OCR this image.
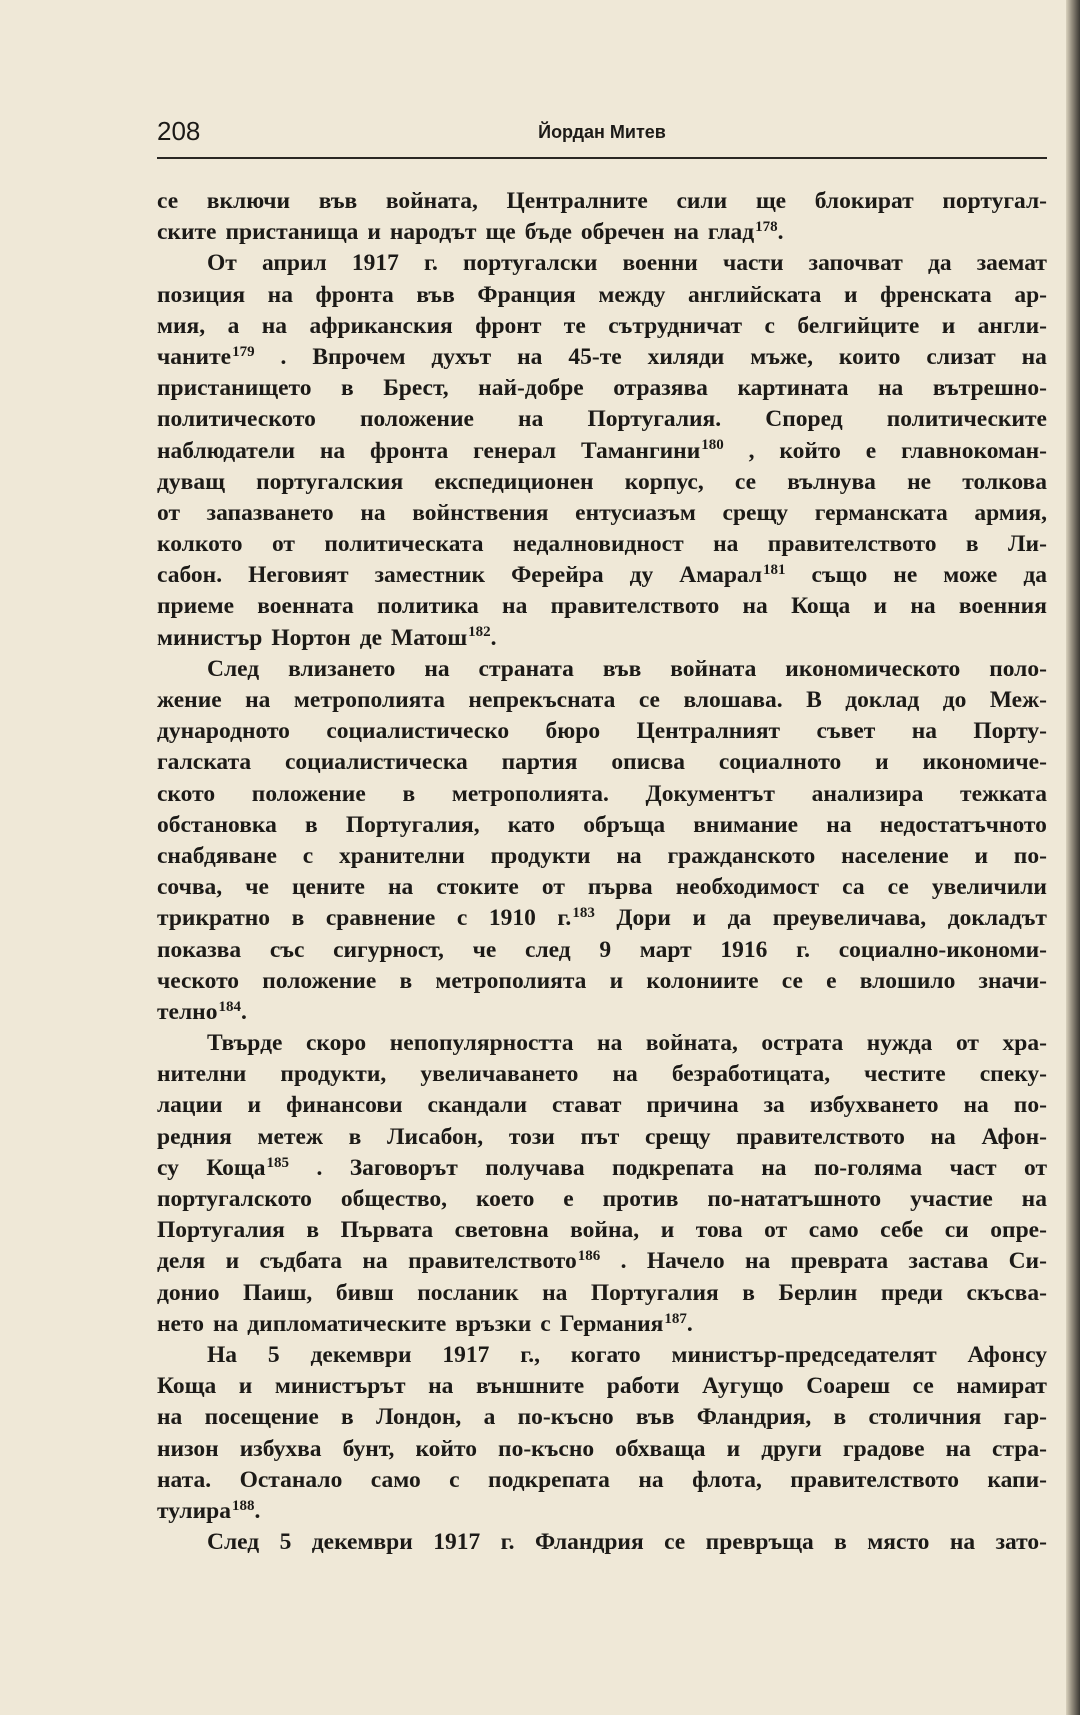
208	Йордан Митев
се включи във войната, Централните сили ще блокират португал-
ските пристанища и народът ще бъде обречен на глад$^{178}$.
От април 1917 г. португалски военни части започват да заемат
позиция на фронта във Франция между английската и френската ар-
мия, а на африканския фронт те сътрудничат с белгийците и англи-
чаните$^{179}$ . Впрочем духът на 45-те хиляди мъже, които слизат на
пристанището в Брест, най-добре отразява картината на вътрешно-
политическото положение на Португалия. Според политическите
наблюдатели на фронта генерал Тамангини$^{180}$ , който е главнокоман-
дуващ португалския експедиционен корпус, се вълнува не толкова
от запазването на войнствения ентусиазъм срещу германската армия,
колкото от политическата недалновидност на правителството в Ли-
сабон. Неговият заместник Ферейра ду Амарал$^{181}$ също не може да
приеме военната политика на правителството на Коща и на военния
министър Нортон де Матош$^{182}$.
След влизането на страната във войната икономическото поло-
жение на метрополията непрекъсната се влошава. В доклад до Меж-
дународното социалистическо бюро Централният съвет на Порту-
галската социалистическа партия описва социалното и икономиче-
ското положение в метрополията. Документът анализира тежката
обстановка в Португалия, като обръща внимание на недостатъчното
снабдяване с хранителни продукти на гражданското население и по-
сочва, че цените на стоките от първа необходимост са се увеличили
трикратно в сравнение с 1910 г.$^{183}$ Дори и да преувеличава, докладът
показва със сигурност, че след 9 март 1916 г. социално-икономи-
ческото положение в метрополията и колониите се е влошило значи-
телно$^{184}$.
Твърде скоро непопулярността на войната, острата нужда от хра-
нителни продукти, увеличаването на безработицата, честите спеку-
лации и финансови скандали стават причина за избухването на по-
редния метеж в Лисабон, този път срещу правителството на Афон-
су Коща$^{185}$ . Заговорът получава подкрепата на по-голяма част от
португалското общество, което е против по-нататъшното участие на
Португалия в Първата световна война, и това от само себе си опре-
деля и съдбата на правителството$^{186}$ . Начело на преврата застава Си-
донио Паиш, бивш посланик на Португалия в Берлин преди скъсва-
нето на дипломатическите връзки с Германия$^{187}$.
На 5 декември 1917 г., когато министър-председателят Афонсу
Коща и министърът на външните работи Аугущо Соареш се намират
на посещение в Лондон, а по-късно във Фландрия, в столичния гар-
низон избухва бунт, който по-късно обхваща и други градове на стра-
ната. Останало само с подкрепата на флота, правителството капи-
тулира$^{188}$.
След 5 декември 1917 г. Фландрия се превръща в място на зато-
